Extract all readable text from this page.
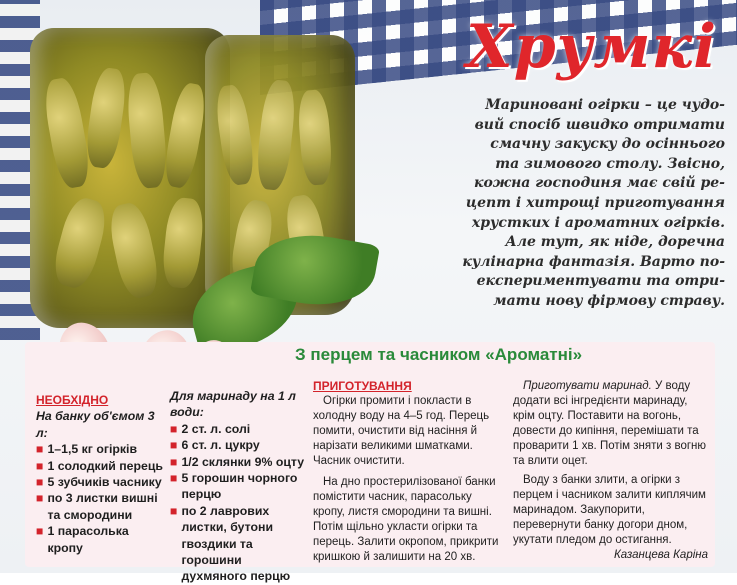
Хрумкі
Мариновані огірки – це чудо-
вий спосіб швидко отримати
смачну закуску до осіннього
та зимового столу. Звісно,
кожна господиня має свій ре-
цепт і хитрощі приготування
хрустких і ароматних огірків.
Але тут, як ніде, доречна
кулінарна фантазія. Варто по-
експериментувати та отри-
мати нову фірмову страву.
З перцем та часником «Ароматні»
НЕОБХІДНО
На банку об'ємом 3 л:
■ 1–1,5 кг огірків
■ 1 солодкий перець
■ 5 зубчиків часнику
■ по 3 листки вишні та смородини
■ 1 парасолька кропу
Для маринаду на 1 л води:
■ 2 ст. л. солі
■ 6 ст. л. цукру
■ 1/2 склянки 9% оцту
■ 5 горошин чорного перцю
■ по 2 лаврових листки, бутони гвоздики та горошини духмяного перцю
ПРИГОТУВАННЯ

Огірки промити і покласти в холодну воду на 4–5 год. Перець помити, очистити від насіння й нарізати великими шматками. Часник очистити.

На дно простерилізованої банки помістити часник, парасольку кропу, листя смородини та вишні. Потім щільно укласти огірки та перець. Залити окропом, прикрити кришкою й залишити на 20 хв.

Приготувати маринад. У воду додати всі інгредієнти маринаду, крім оцту. Поставити на вогонь, довести до кипіння, перемішати та проварити 1 хв. Потім зняти з вогню та влити оцет.

Воду з банки злити, а огірки з перцем і часником залити киплячим маринадом. Закупорити, перевернути банку догори дном, укутати пледом до остигання.

Казанцева Каріна
